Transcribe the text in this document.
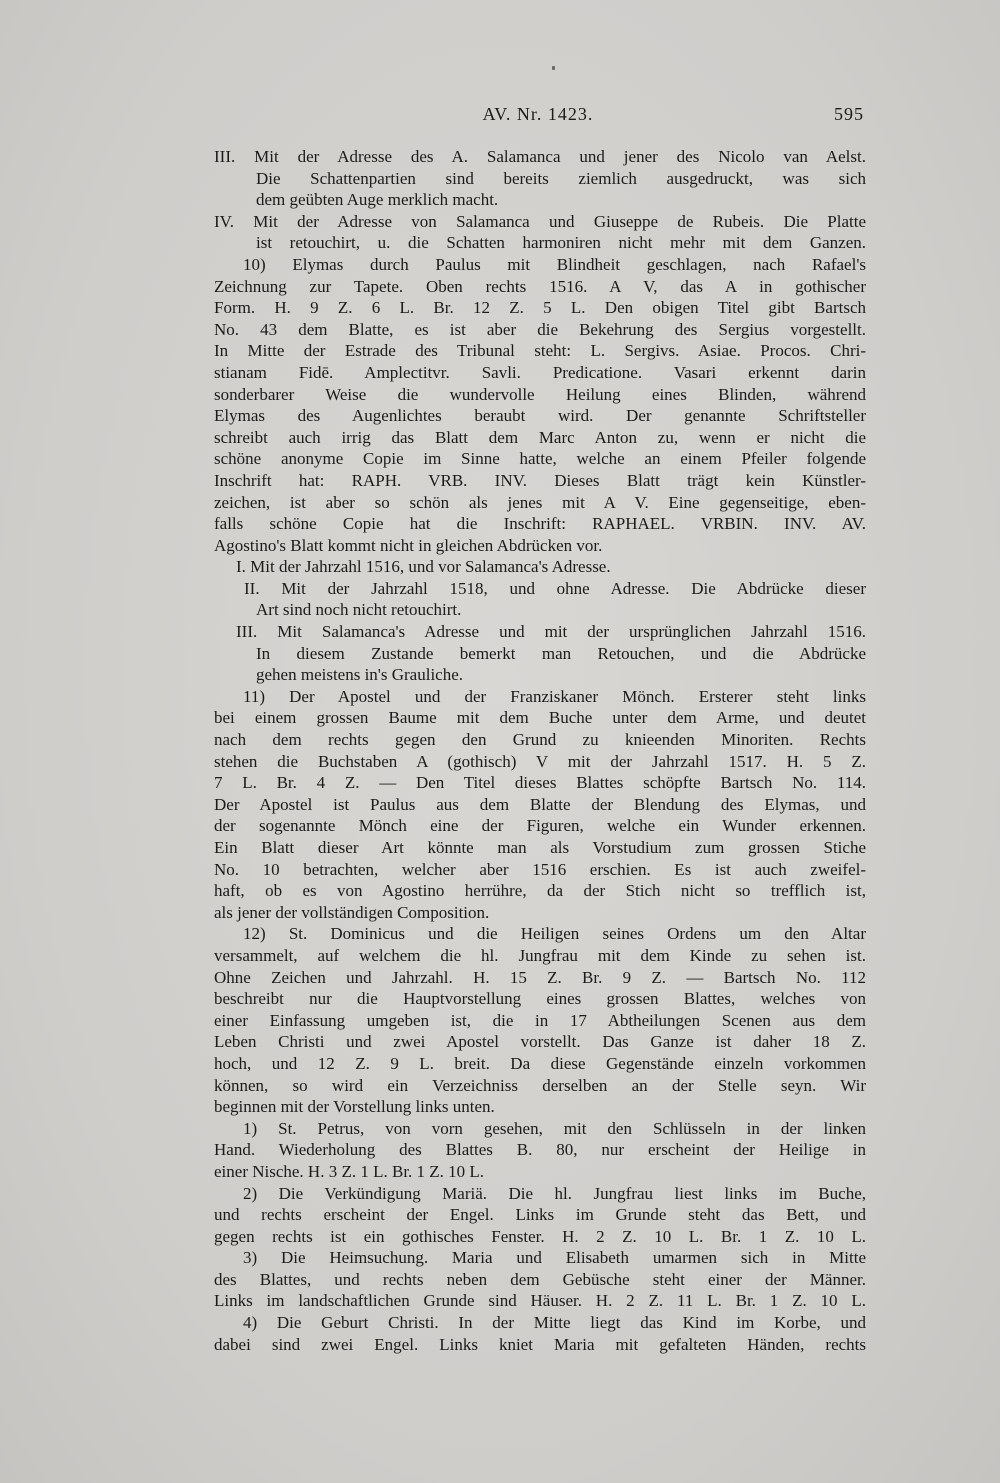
AV. Nr. 1423.	595
III. Mit der Adresse des A. Salamanca und jener des Nicolo van Aelst.
Die Schattenpartien sind bereits ziemlich ausgedruckt, was sich
dem geübten Auge merklich macht.
IV. Mit der Adresse von Salamanca und Giuseppe de Rubeis. Die Platte
ist retouchirt, u. die Schatten harmoniren nicht mehr mit dem Ganzen.
10) Elymas durch Paulus mit Blindheit geschlagen, nach Rafael's
Zeichnung zur Tapete. Oben rechts 1516. A V, das A in gothischer
Form. H. 9 Z. 6 L. Br. 12 Z. 5 L. Den obigen Titel gibt Bartsch
No. 43 dem Blatte, es ist aber die Bekehrung des Sergius vorgestellt.
In Mitte der Estrade des Tribunal steht: L. Sergivs. Asiae. Procos. Chri-
stianam Fidē. Amplectitvr. Savli. Predicatione. Vasari erkennt darin
sonderbarer Weise die wundervolle Heilung eines Blinden, während
Elymas des Augenlichtes beraubt wird. Der genannte Schriftsteller
schreibt auch irrig das Blatt dem Marc Anton zu, wenn er nicht die
schöne anonyme Copie im Sinne hatte, welche an einem Pfeiler folgende
Inschrift hat: RAPH. VRB. INV. Dieses Blatt trägt kein Künstler-
zeichen, ist aber so schön als jenes mit A V. Eine gegenseitige, eben-
falls schöne Copie hat die Inschrift: RAPHAEL. VRBIN. INV. AV.
Agostino's Blatt kommt nicht in gleichen Abdrücken vor.
I. Mit der Jahrzahl 1516, und vor Salamanca's Adresse.
II. Mit der Jahrzahl 1518, und ohne Adresse. Die Abdrücke dieser
Art sind noch nicht retouchirt.
III. Mit Salamanca's Adresse und mit der ursprünglichen Jahrzahl 1516.
In diesem Zustande bemerkt man Retouchen, und die Abdrücke
gehen meistens in's Grauliche.
11) Der Apostel und der Franziskaner Mönch. Ersterer steht links
bei einem grossen Baume mit dem Buche unter dem Arme, und deutet
nach dem rechts gegen den Grund zu knieenden Minoriten. Rechts
stehen die Buchstaben A (gothisch) V mit der Jahrzahl 1517. H. 5 Z.
7 L. Br. 4 Z. — Den Titel dieses Blattes schöpfte Bartsch No. 114.
Der Apostel ist Paulus aus dem Blatte der Blendung des Elymas, und
der sogenannte Mönch eine der Figuren, welche ein Wunder erkennen.
Ein Blatt dieser Art könnte man als Vorstudium zum grossen Stiche
No. 10 betrachten, welcher aber 1516 erschien. Es ist auch zweifel-
haft, ob es von Agostino herrühre, da der Stich nicht so trefflich ist,
als jener der vollständigen Composition.
12) St. Dominicus und die Heiligen seines Ordens um den Altar
versammelt, auf welchem die hl. Jungfrau mit dem Kinde zu sehen ist.
Ohne Zeichen und Jahrzahl. H. 15 Z. Br. 9 Z. — Bartsch No. 112
beschreibt nur die Hauptvorstellung eines grossen Blattes, welches von
einer Einfassung umgeben ist, die in 17 Abtheilungen Scenen aus dem
Leben Christi und zwei Apostel vorstellt. Das Ganze ist daher 18 Z.
hoch, und 12 Z. 9 L. breit. Da diese Gegenstände einzeln vorkommen
können, so wird ein Verzeichniss derselben an der Stelle seyn. Wir
beginnen mit der Vorstellung links unten.
1) St. Petrus, von vorn gesehen, mit den Schlüsseln in der linken
Hand. Wiederholung des Blattes B. 80, nur erscheint der Heilige in
einer Nische. H. 3 Z. 1 L. Br. 1 Z. 10 L.
2) Die Verkündigung Mariä. Die hl. Jungfrau liest links im Buche,
und rechts erscheint der Engel. Links im Grunde steht das Bett, und
gegen rechts ist ein gothisches Fenster. H. 2 Z. 10 L. Br. 1 Z. 10 L.
3) Die Heimsuchung. Maria und Elisabeth umarmen sich in Mitte
des Blattes, und rechts neben dem Gebüsche steht einer der Männer.
Links im landschaftlichen Grunde sind Häuser. H. 2 Z. 11 L. Br. 1 Z. 10 L.
4) Die Geburt Christi. In der Mitte liegt das Kind im Korbe, und
dabei sind zwei Engel. Links kniet Maria mit gefalteten Händen, rechts
